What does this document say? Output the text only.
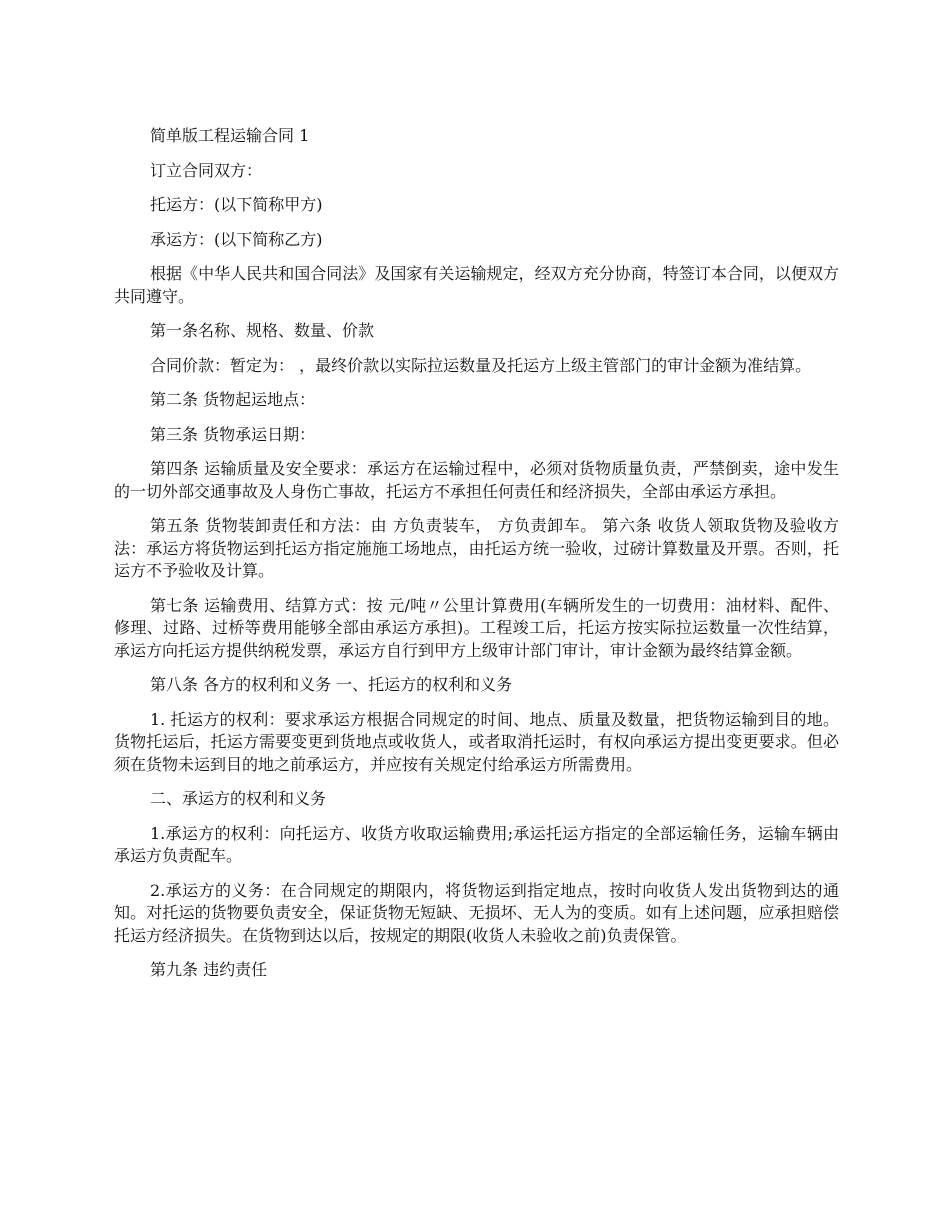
简单版工程运输合同 1

订立合同双方：

托运方：(以下简称甲方)

承运方：(以下简称乙方)

根据《中华人民共和国合同法》及国家有关运输规定，经双方充分协商，特签订本合同，以便双方共同遵守。

第一条名称、规格、数量、价款

合同价款：暂定为： ，最终价款以实际拉运数量及托运方上级主管部门的审计金额为准结算。

第二条 货物起运地点：

第三条 货物承运日期：

第四条 运输质量及安全要求：承运方在运输过程中，必须对货物质量负责，严禁倒卖，途中发生的一切外部交通事故及人身伤亡事故，托运方不承担任何责任和经济损失，全部由承运方承担。

第五条 货物装卸责任和方法：由 方负责装车， 方负责卸车。 第六条 收货人领取货物及验收方法：承运方将货物运到托运方指定施施工场地点，由托运方统一验收，过磅计算数量及开票。否则，托运方不予验收及计算。

第七条 运输费用、结算方式：按 元/吨〃公里计算费用(车辆所发生的一切费用：油材料、配件、修理、过路、过桥等费用能够全部由承运方承担)。工程竣工后，托运方按实际拉运数量一次性结算，承运方向托运方提供纳税发票，承运方自行到甲方上级审计部门审计，审计金额为最终结算金额。

第八条 各方的权利和义务 一、托运方的权利和义务

1. 托运方的权利：要求承运方根据合同规定的时间、地点、质量及数量，把货物运输到目的地。货物托运后，托运方需要变更到货地点或收货人，或者取消托运时，有权向承运方提出变更要求。但必须在货物未运到目的地之前承运方，并应按有关规定付给承运方所需费用。

二、承运方的权利和义务

1.承运方的权利：向托运方、收货方收取运输费用;承运托运方指定的全部运输任务，运输车辆由承运方负责配车。

2.承运方的义务：在合同规定的期限内，将货物运到指定地点，按时向收货人发出货物到达的通知。对托运的货物要负责安全，保证货物无短缺、无损坏、无人为的变质。如有上述问题，应承担赔偿托运方经济损失。在货物到达以后，按规定的期限(收货人未验收之前)负责保管。

第九条 违约责任
